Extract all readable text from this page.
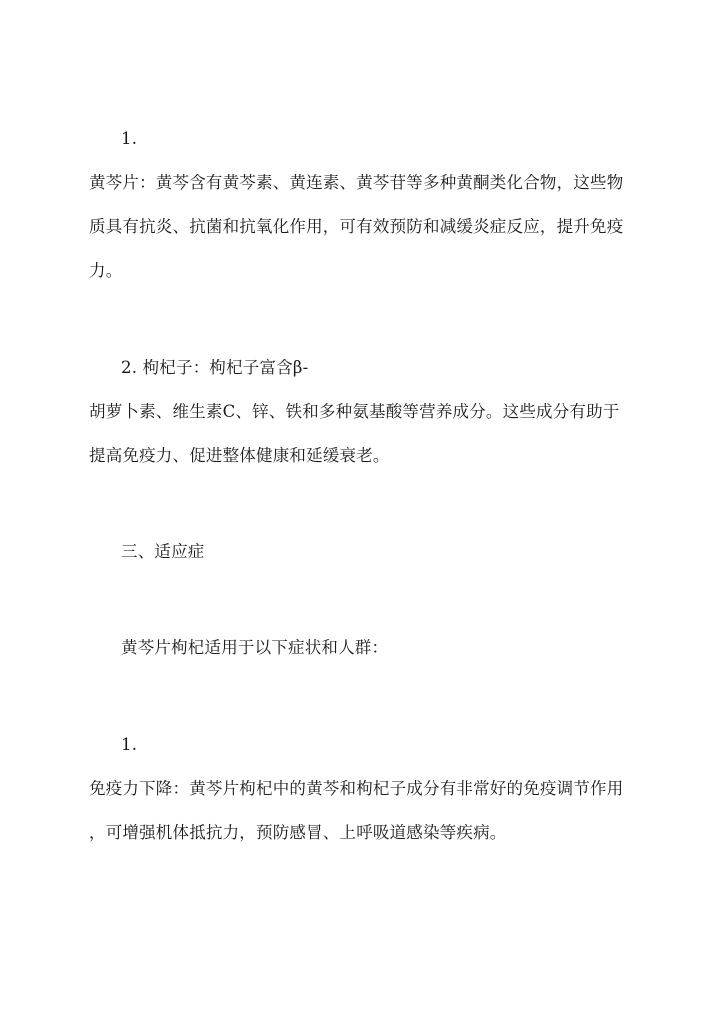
1.
黄芩片：黄芩含有黄芩素、黄连素、黄芩苷等多种黄酮类化合物，这些物
质具有抗炎、抗菌和抗氧化作用，可有效预防和减缓炎症反应，提升免疫
力。
2. 枸杞子：枸杞子富含β-
胡萝卜素、维生素C、锌、铁和多种氨基酸等营养成分。这些成分有助于
提高免疫力、促进整体健康和延缓衰老。
三、适应症
黄芩片枸杞适用于以下症状和人群：
1.
免疫力下降：黄芩片枸杞中的黄芩和枸杞子成分有非常好的免疫调节作用
，可增强机体抵抗力，预防感冒、上呼吸道感染等疾病。
